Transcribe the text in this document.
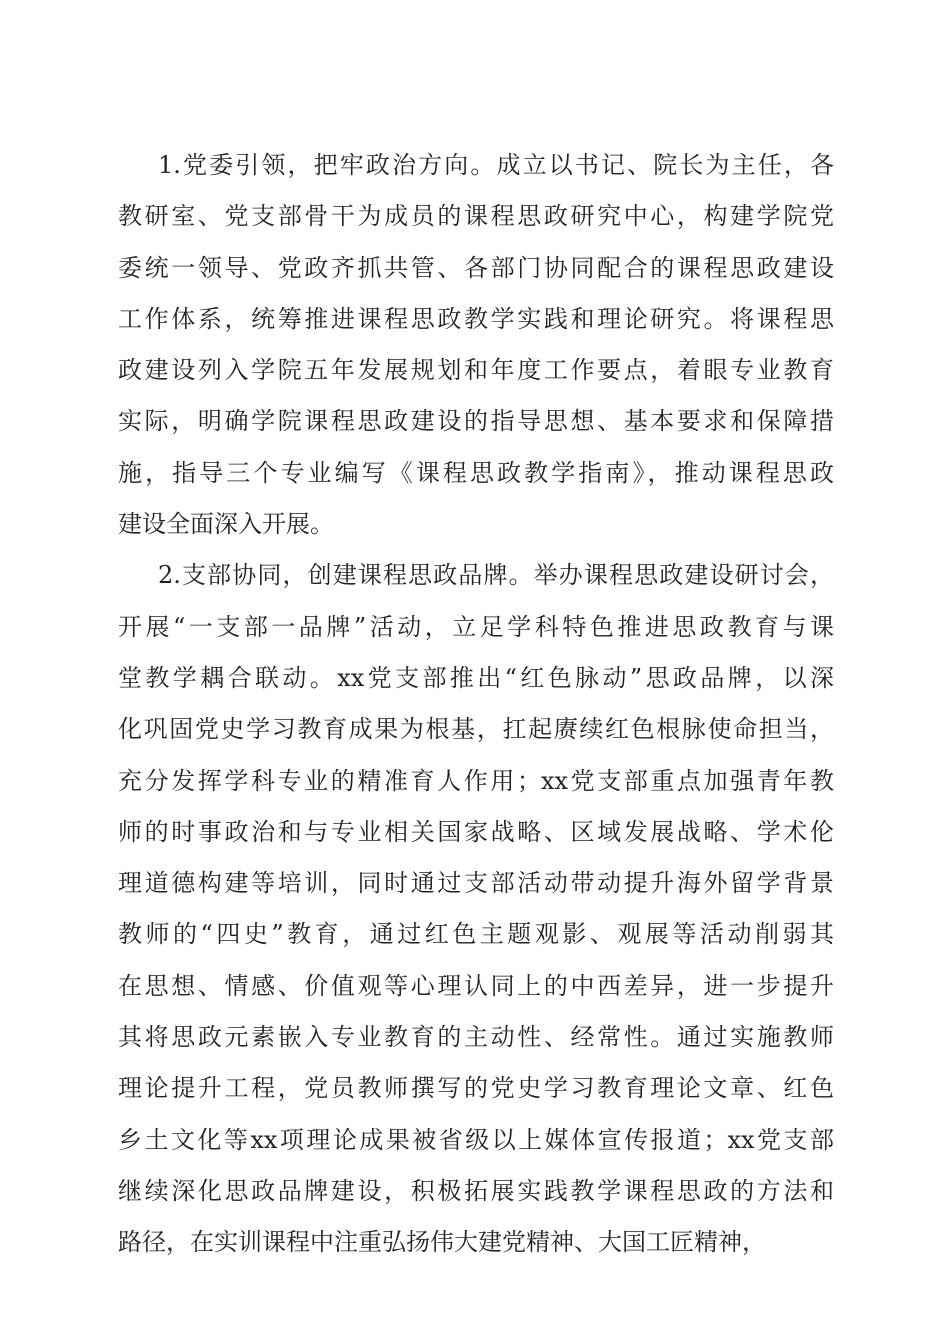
1.党委引领，把牢政治方向。成立以书记、院长为主任，各
教研室、党支部骨干为成员的课程思政研究中心，构建学院党
委统一领导、党政齐抓共管、各部门协同配合的课程思政建设
工作体系，统筹推进课程思政教学实践和理论研究。将课程思
政建设列入学院五年发展规划和年度工作要点，着眼专业教育
实际，明确学院课程思政建设的指导思想、基本要求和保障措
施，指导三个专业编写《课程思政教学指南》，推动课程思政
建设全面深入开展。
2.支部协同，创建课程思政品牌。举办课程思政建设研讨会，
开展“一支部一品牌”活动，立足学科特色推进思政教育与课
堂教学耦合联动。xx党支部推出“红色脉动”思政品牌，以深
化巩固党史学习教育成果为根基，扛起赓续红色根脉使命担当，
充分发挥学科专业的精准育人作用；xx党支部重点加强青年教
师的时事政治和与专业相关国家战略、区域发展战略、学术伦
理道德构建等培训，同时通过支部活动带动提升海外留学背景
教师的“四史”教育，通过红色主题观影、观展等活动削弱其
在思想、情感、价值观等心理认同上的中西差异，进一步提升
其将思政元素嵌入专业教育的主动性、经常性。通过实施教师
理论提升工程，党员教师撰写的党史学习教育理论文章、红色
乡土文化等xx项理论成果被省级以上媒体宣传报道；xx党支部
继续深化思政品牌建设，积极拓展实践教学课程思政的方法和
路径，在实训课程中注重弘扬伟大建党精神、大国工匠精神，
